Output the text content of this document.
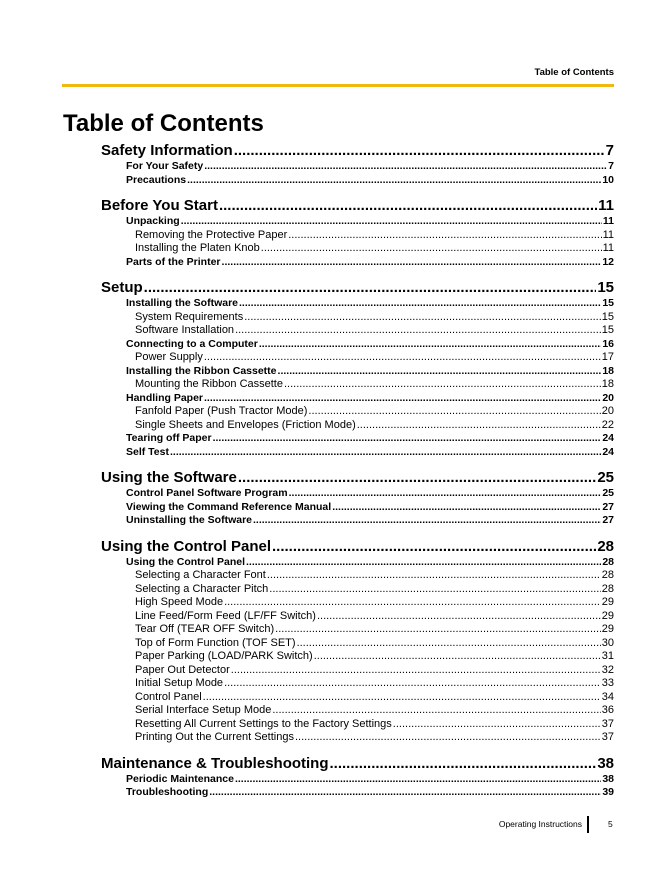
Table of Contents
Table of Contents
Safety Information .....	7
For Your Safety .....	7
Precautions .....	10
Before You Start .....	11
Unpacking .....	11
Removing the Protective Paper .....	11
Installing the Platen Knob .....	11
Parts of the Printer .....	12
Setup .....	15
Installing the Software .....	15
System Requirements .....	15
Software Installation .....	15
Connecting to a Computer .....	16
Power Supply .....	17
Installing the Ribbon Cassette .....	18
Mounting the Ribbon Cassette .....	18
Handling Paper .....	20
Fanfold Paper (Push Tractor Mode) .....	20
Single Sheets and Envelopes (Friction Mode) .....	22
Tearing off Paper .....	24
Self Test .....	24
Using the Software .....	25
Control Panel Software Program .....	25
Viewing the Command Reference Manual .....	27
Uninstalling the Software .....	27
Using the Control Panel .....	28
Using the Control Panel .....	28
Selecting a Character Font .....	28
Selecting a Character Pitch .....	28
High Speed Mode .....	29
Line Feed/Form Feed (LF/FF Switch) .....	29
Tear Off (TEAR OFF Switch) .....	29
Top of Form Function (TOF SET) .....	30
Paper Parking (LOAD/PARK Switch) .....	31
Paper Out Detector .....	32
Initial Setup Mode .....	33
Control Panel .....	34
Serial Interface Setup Mode .....	36
Resetting All Current Settings to the Factory Settings .....	37
Printing Out the Current Settings .....	37
Maintenance & Troubleshooting .....	38
Periodic Maintenance .....	38
Troubleshooting .....	39
Operating Instructions	5
